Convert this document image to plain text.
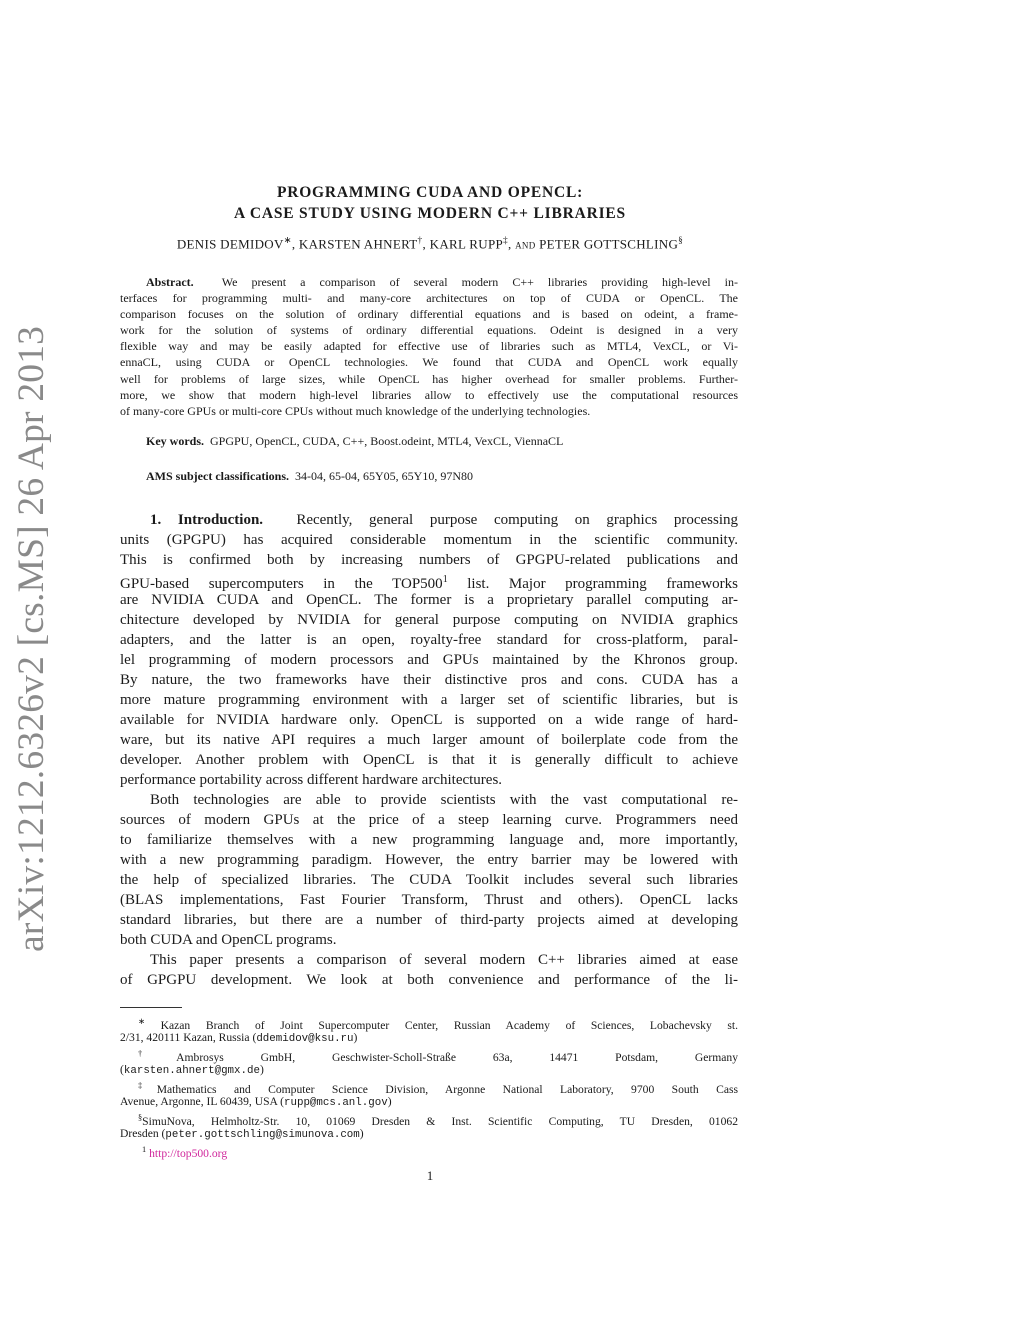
arXiv:1212.6326v2 [cs.MS] 26 Apr 2013
PROGRAMMING CUDA AND OPENCL:
A CASE STUDY USING MODERN C++ LIBRARIES
DENIS DEMIDOV∗, KARSTEN AHNERT†, KARL RUPP‡, and PETER GOTTSCHLING§
Abstract. We present a comparison of several modern C++ libraries providing high-level in-
terfaces for programming multi- and many-core architectures on top of CUDA or OpenCL. The
comparison focuses on the solution of ordinary differential equations and is based on odeint, a frame-
work for the solution of systems of ordinary differential equations. Odeint is designed in a very
flexible way and may be easily adapted for effective use of libraries such as MTL4, VexCL, or Vi-
ennaCL, using CUDA or OpenCL technologies. We found that CUDA and OpenCL work equally
well for problems of large sizes, while OpenCL has higher overhead for smaller problems. Further-
more, we show that modern high-level libraries allow to effectively use the computational resources
of many-core GPUs or multi-core CPUs without much knowledge of the underlying technologies.
Key words. GPGPU, OpenCL, CUDA, C++, Boost.odeint, MTL4, VexCL, ViennaCL
AMS subject classifications. 34-04, 65-04, 65Y05, 65Y10, 97N80
1. Introduction. Recently, general purpose computing on graphics processing
units (GPGPU) has acquired considerable momentum in the scientific community.
This is confirmed both by increasing numbers of GPGPU-related publications and
GPU-based supercomputers in the $TOP500^1$ list. Major programming frameworks
are NVIDIA CUDA and OpenCL. The former is a proprietary parallel computing ar-
chitecture developed by NVIDIA for general purpose computing on NVIDIA graphics
adapters, and the latter is an open, royalty-free standard for cross-platform, paral-
lel programming of modern processors and GPUs maintained by the Khronos group.
By nature, the two frameworks have their distinctive pros and cons. CUDA has a
more mature programming environment with a larger set of scientific libraries, but is
available for NVIDIA hardware only. OpenCL is supported on a wide range of hard-
ware, but its native API requires a much larger amount of boilerplate code from the
developer. Another problem with OpenCL is that it is generally difficult to achieve
performance portability across different hardware architectures.
Both technologies are able to provide scientists with the vast computational re-
sources of modern GPUs at the price of a steep learning curve. Programmers need
to familiarize themselves with a new programming language and, more importantly,
with a new programming paradigm. However, the entry barrier may be lowered with
the help of specialized libraries. The CUDA Toolkit includes several such libraries
(BLAS implementations, Fast Fourier Transform, Thrust and others). OpenCL lacks
standard libraries, but there are a number of third-party projects aimed at developing
both CUDA and OpenCL programs.
This paper presents a comparison of several modern C++ libraries aimed at ease
of GPGPU development. We look at both convenience and performance of the li-
∗ Kazan Branch of Joint Supercomputer Center, Russian Academy of Sciences, Lobachevsky st.
2/31, 420111 Kazan, Russia (ddemidov@ksu.ru)
†Ambrosys GmbH, Geschwister-Scholl-Straße 63a, 14471 Potsdam, Germany
(karsten.ahnert@gmx.de)
‡Mathematics and Computer Science Division, Argonne National Laboratory, 9700 South Cass
Avenue, Argonne, IL 60439, USA (rupp@mcs.anl.gov)
§SimuNova, Helmholtz-Str. 10, 01069 Dresden & Inst. Scientific Computing, TU Dresden, 01062
Dresden (peter.gottschling@simunova.com)
$^1$ http://top500.org
1
